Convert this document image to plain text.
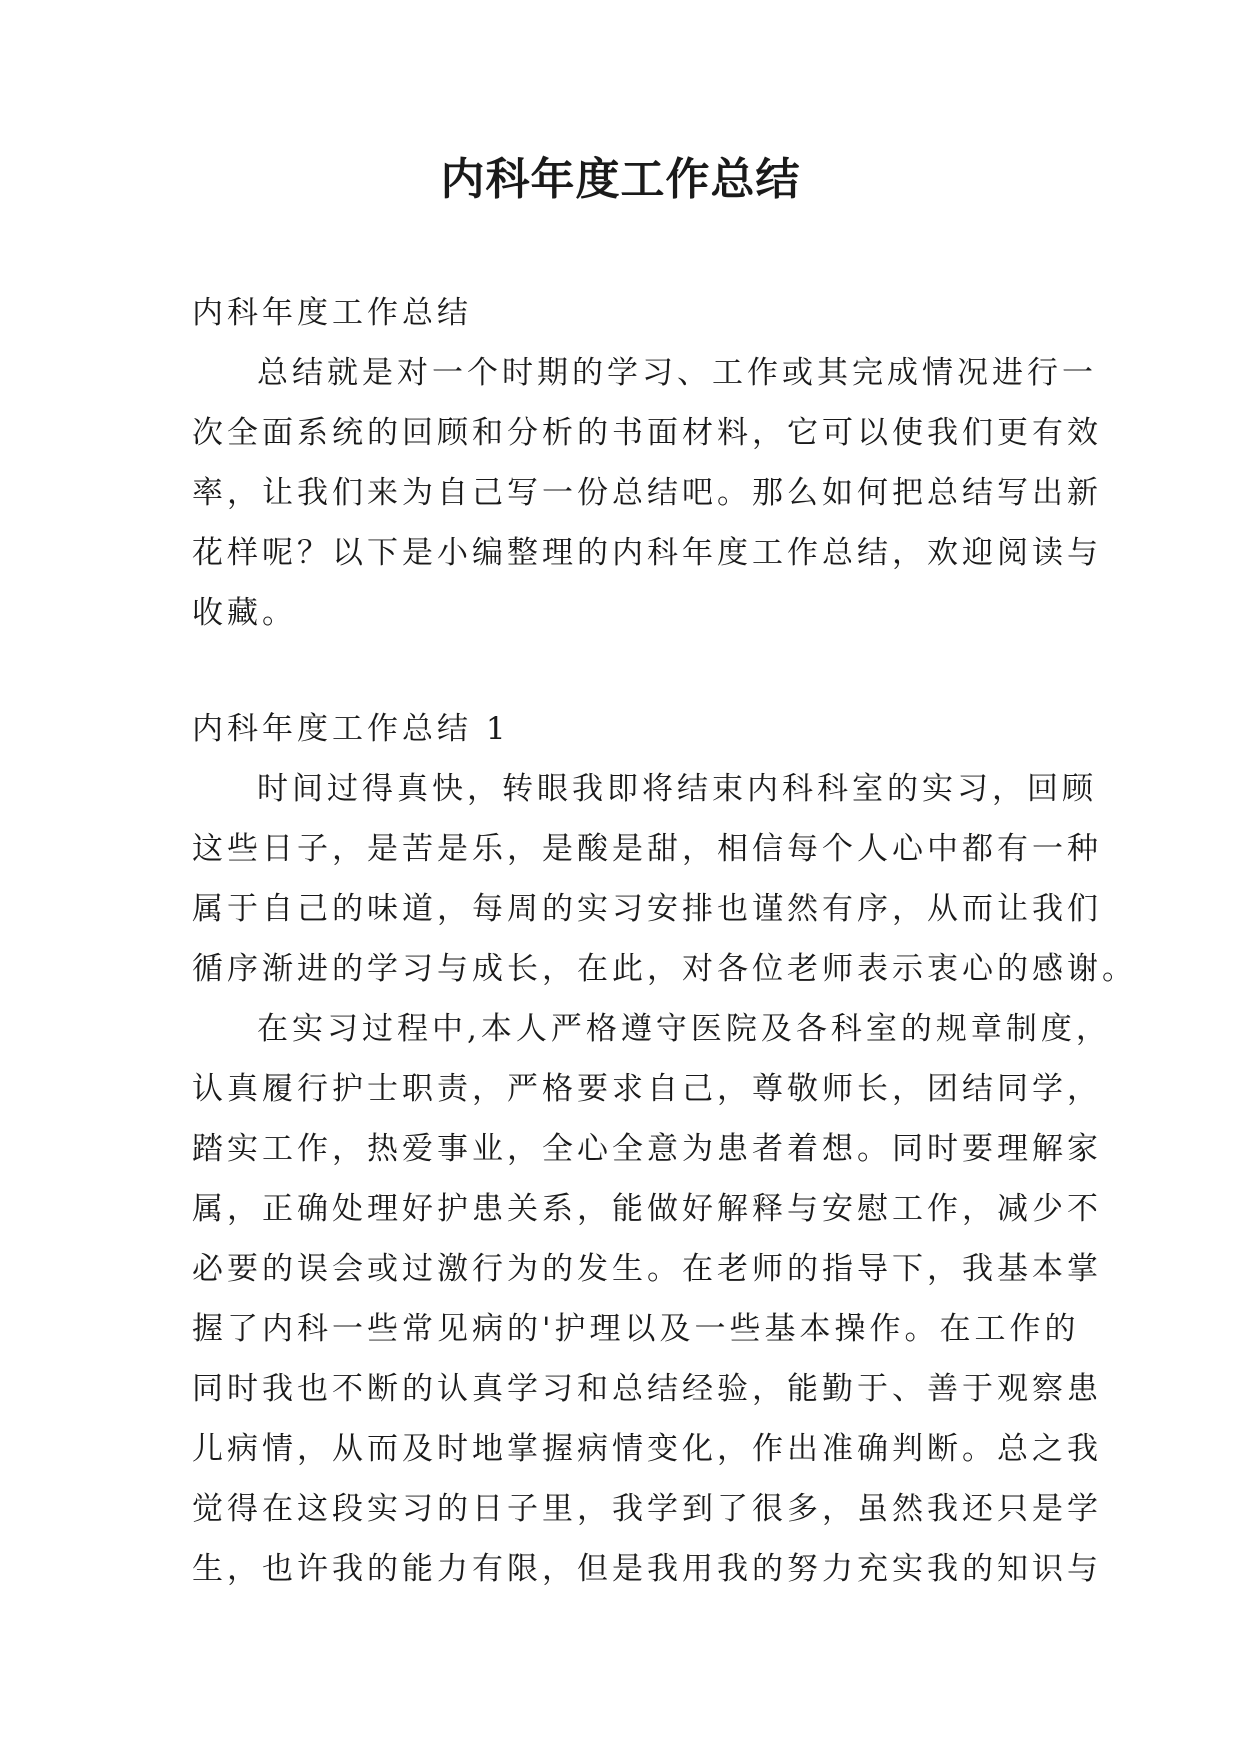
内科年度工作总结
内科年度工作总结
总结就是对一个时期的学习、工作或其完成情况进行一
次全面系统的回顾和分析的书面材料，它可以使我们更有效
率，让我们来为自己写一份总结吧。那么如何把总结写出新
花样呢？以下是小编整理的内科年度工作总结，欢迎阅读与
收藏。
内科年度工作总结 1
时间过得真快，转眼我即将结束内科科室的实习，回顾
这些日子，是苦是乐，是酸是甜，相信每个人心中都有一种
属于自己的味道，每周的实习安排也谨然有序，从而让我们
循序渐进的学习与成长，在此，对各位老师表示衷心的感谢。
在实习过程中,本人严格遵守医院及各科室的规章制度，
认真履行护士职责，严格要求自己，尊敬师长，团结同学，
踏实工作，热爱事业，全心全意为患者着想。同时要理解家
属，正确处理好护患关系，能做好解释与安慰工作，减少不
必要的误会或过激行为的发生。在老师的指导下，我基本掌
握了内科一些常见病的'护理以及一些基本操作。在工作的
同时我也不断的认真学习和总结经验，能勤于、善于观察患
儿病情，从而及时地掌握病情变化，作出准确判断。总之我
觉得在这段实习的日子里，我学到了很多，虽然我还只是学
生，也许我的能力有限，但是我用我的努力充实我的知识与
